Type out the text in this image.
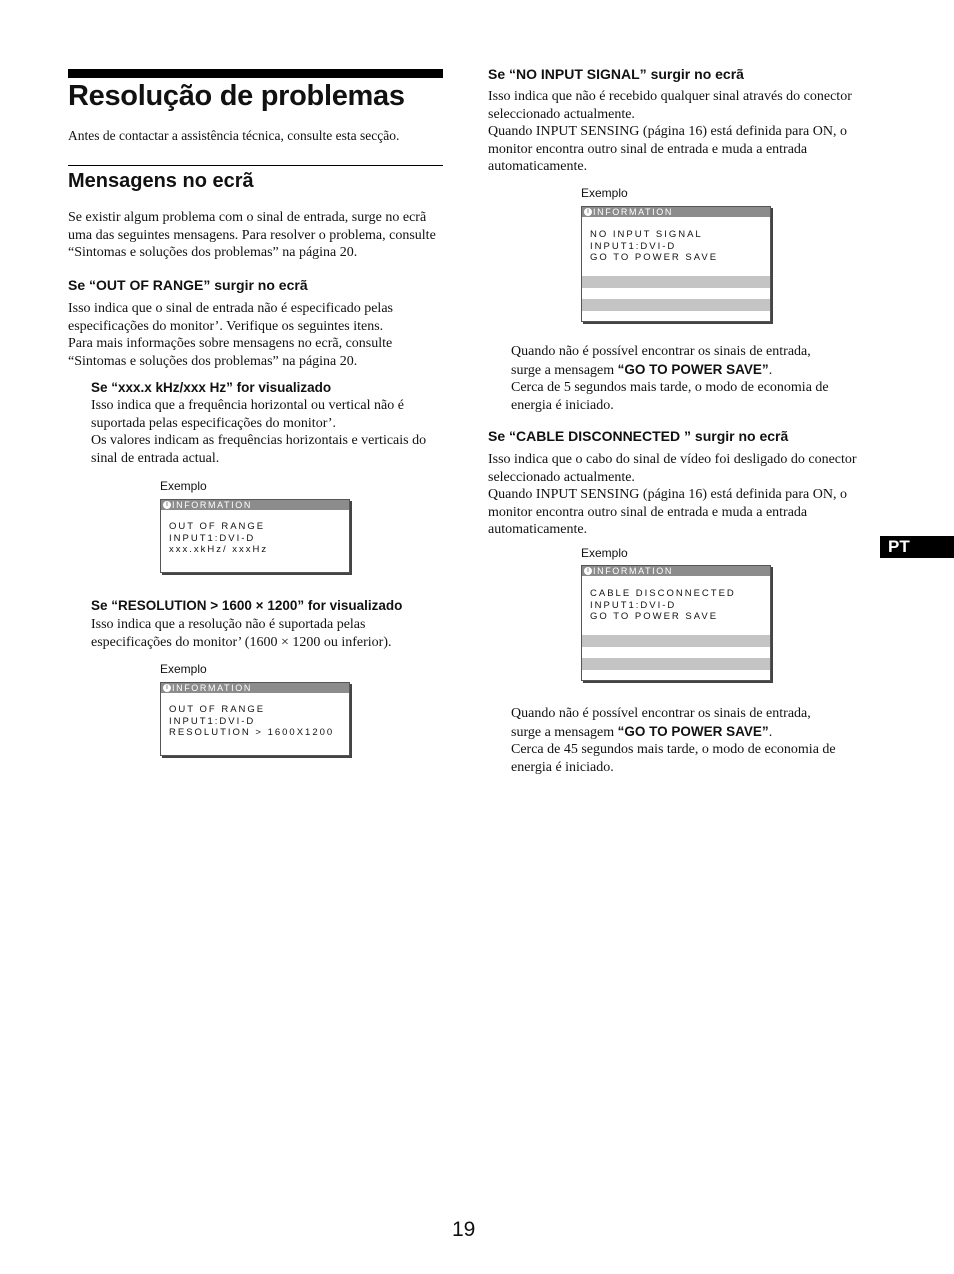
Resolução de problemas
Antes de contactar a assistência técnica, consulte esta secção.
Mensagens no ecrã

Se existir algum problema com o sinal de entrada, surge no ecrã

uma das seguintes mensagens. Para resolver o problema, consulte

“Sintomas e soluções dos problemas” na página 20.

Se “OUT OF RANGE” surgir no ecrã

Isso indica que o sinal de entrada não é especificado pelas

especificações do monitor’. Verifique os seguintes itens.

Para mais informações sobre mensagens no ecrã, consulte

“Sintomas e soluções dos problemas” na página 20.

Se “xxx.x kHz/xxx Hz” for visualizado

Isso indica que a frequência horizontal ou vertical não é

suportada pelas especificações do monitor’.

Os valores indicam as frequências horizontais e verticais do

sinal de entrada actual.

Exemplo
i INFORMATION
OUT OF RANGE
INPUT1:DVI-D
xxx.xkHz/ xxxHz
Se “RESOLUTION > 1600 × 1200” for visualizado

Isso indica que a resolução não é suportada pelas

especificações do monitor’ (1600 × 1200 ou inferior).

Exemplo
i INFORMATION
OUT OF RANGE
INPUT1:DVI-D
RESOLUTION > 1600X1200
Se “NO INPUT SIGNAL” surgir no ecrã

Isso indica que não é recebido qualquer sinal através do conector

seleccionado actualmente.

Quando INPUT SENSING (página 16) está definida para ON, o

monitor encontra outro sinal de entrada e muda a entrada

automaticamente.

Exemplo
i INFORMATION
NO INPUT SIGNAL
INPUT1:DVI-D
GO TO POWER SAVE

Quando não é possível encontrar os sinais de entrada,

surge a mensagem “GO TO POWER SAVE”.

Cerca de 5 segundos mais tarde, o modo de economia de

energia é iniciado.

Se “CABLE DISCONNECTED ” surgir no ecrã

Isso indica que o cabo do sinal de vídeo foi desligado do conector

seleccionado actualmente.

Quando INPUT SENSING (página 16) está definida para ON, o

monitor encontra outro sinal de entrada e muda a entrada

automaticamente.

Exemplo
i INFORMATION
CABLE DISCONNECTED
INPUT1:DVI-D
GO TO POWER SAVE

Quando não é possível encontrar os sinais de entrada,

surge a mensagem “GO TO POWER SAVE”.

Cerca de 45 segundos mais tarde, o modo de economia de

energia é iniciado.

PT
19
